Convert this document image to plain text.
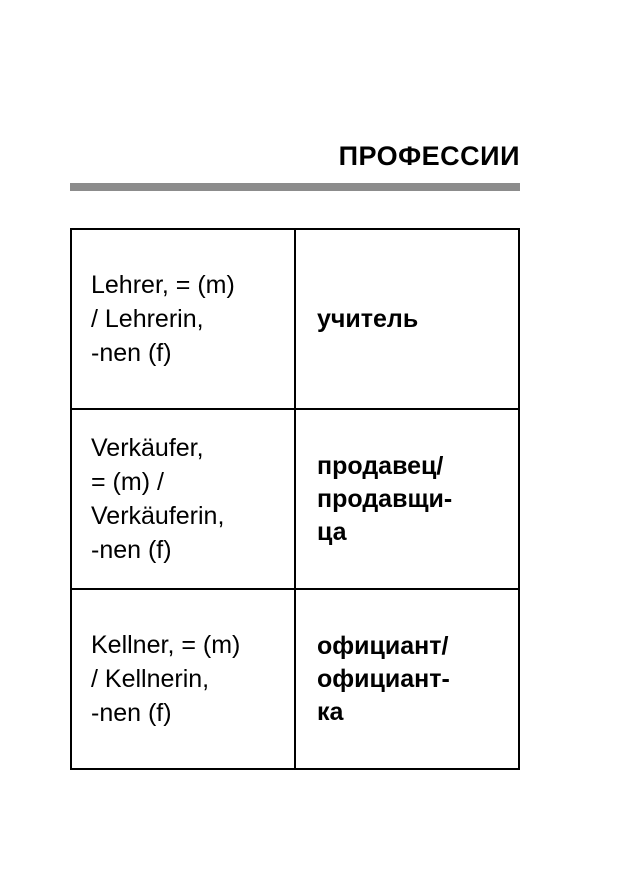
ПРОФЕССИИ
Lehrer, = (m)
/ Lehrerin,
-nen (f)	учитель

Verkäufer,
= (m) /
Verkäuferin,
-nen (f)	продавец/
продавщи-
ца

Kellner, = (m)
/ Kellnerin,
-nen (f)	официант/
официант-
ка
